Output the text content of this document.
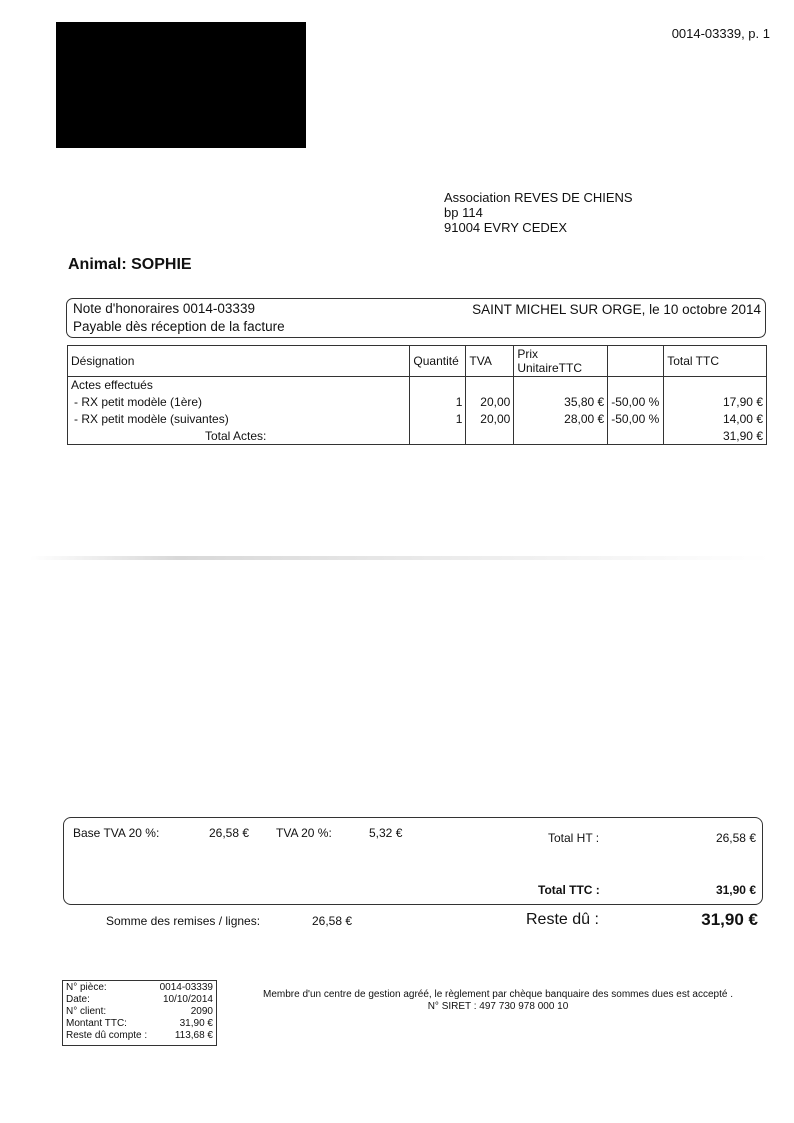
0014-03339, p. 1
Association REVES DE CHIENS
bp 114
91004 EVRY CEDEX
Animal: SOPHIE
Note d'honoraires 0014-03339
Payable dès réception de la facture
SAINT MICHEL SUR ORGE, le 10 octobre 2014
Désignation	Quantité	TVA	Prix UnitaireTTC		Total TTC
Actes effectués					
- RX petit modèle (1ère)	1	20,00	35,80 €	-50,00 %	17,90 €
- RX petit modèle (suivantes)	1	20,00	28,00 €	-50,00 %	14,00 €
Total Actes:					31,90 €
Base TVA 20 %:	26,58 € TVA 20 %:	5,32 €	Total HT :	26,58 €
Total TTC :	31,90 €
Somme des remises / lignes:	26,58 €	Reste dû :	31,90 €
N° pièce:	0014-03339
Date:	10/10/2014
N° client:	2090
Montant TTC:	31,90 €
Reste dû compte :	113,68 €
Membre d'un centre de gestion agréé, le règlement par chèque banquaire des sommes dues est accepté .
N° SIRET : 497 730 978 000 10
